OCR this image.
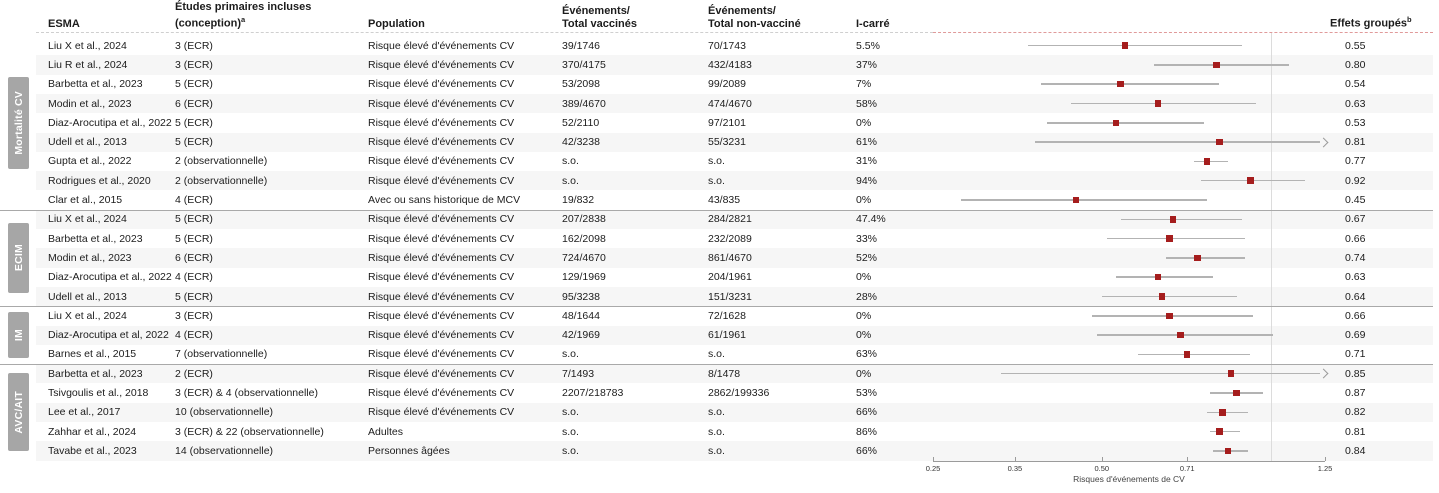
ESMA
Études primaires incluses
(conception)$^a$	Population
Événements/
Total vaccinés
Événements/
Total non-vacciné	I-carré	Effets groupés$^b$
Liu X et al., 2024	3 (ECR)	Risque élevé d'événements CV	39/1746	70/1743	5.5%	0.55
Liu R et al., 2024	3 (ECR)	Risque élevé d'événements CV	370/4175	432/4183	37%	0.80
Barbetta et al., 2023	5 (ECR)	Risque élevé d'événements CV	53/2098	99/2089	7%	0.54
Modin et al., 2023	6 (ECR)	Risque élevé d'événements CV	389/4670	474/4670	58%	0.63
Diaz-Arocutipa et al., 2022 5 (ECR)	Risque élevé d'événements CV	52/2110	97/2101	0%	0.53
Udell et al., 2013	5 (ECR)	Risque élevé d'événements CV	42/3238	55/3231	61%	0.81
Gupta et al., 2022	2 (observationnelle)	Risque élevé d'événements CV	s.o.	s.o.	31%	0.77
Rodrigues et al., 2020 2 (observationnelle)	Risque élevé d'événements CV	s.o.	s.o.	94%	0.92
Clar et al., 2015	4 (ECR)	Avec ou sans historique de MCV	19/832	43/835	0%	0.45
Liu X et al., 2024	5 (ECR)	Risque élevé d'événements CV	207/2838	284/2821	47.4%	0.67
Barbetta et al., 2023	5 (ECR)	Risque élevé d'événements CV	162/2098	232/2089	33%	0.66
Modin et al., 2023	6 (ECR)	Risque élevé d'événements CV	724/4670	861/4670	52%	0.74
Diaz-Arocutipa et al., 2022 4 (ECR)	Risque élevé d'événements CV	129/1969	204/1961	0%	0.63
Udell et al., 2013	5 (ECR)	Risque élevé d'événements CV	95/3238	151/3231	28%	0.64
Liu X et al., 2024	3 (ECR)	Risque élevé d'événements CV	48/1644	72/1628	0%	0.66
Diaz-Arocutipa et al, 2022 4 (ECR)	Risque élevé d'événements CV	42/1969	61/1961	0%	0.69
Barnes et al., 2015	7 (observationnelle)	Risque élevé d'événements CV	s.o.	s.o.	63%	0.71
Barbetta et al., 2023	2 (ECR)	Risque élevé d'événements CV	7/1493	8/1478	0%	0.85
Tsivgoulis et al., 2018	3 (ECR) & 4 (observationnelle)	Risque élevé d'événements CV	2207/218783	2862/199336	53%	0.87
Lee et al., 2017	10 (observationnelle)	Risque élevé d'événements CV	s.o.	s.o.	66%	0.82
Zahhar et al., 2024	3 (ECR) & 22 (observationnelle)	Adultes	s.o.	s.o.	86%	0.81
Tavabe et al., 2023	14 (observationnelle)	Personnes âgées	s.o.	s.o.	66%	0.84
Mortalité CV
ECIM
IM
AVC/AIT
0.25	0.35	0.50	0.71	1.25
Risques d'événements de CV
